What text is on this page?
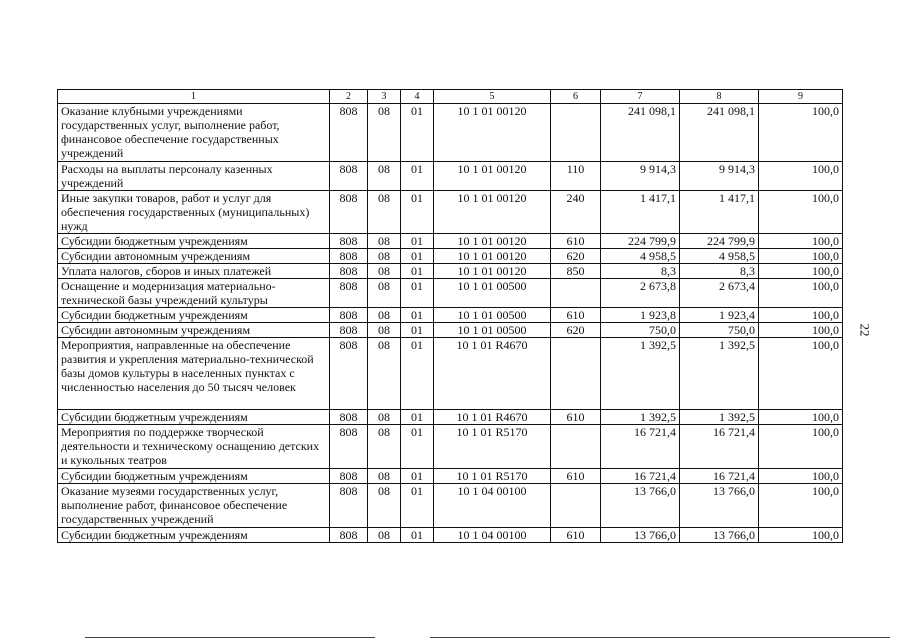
1	2	3	4	5	6	7	8	9
Оказание клубными учреждениями государственных услуг, выполнение работ, финансовое обеспечение государственных учреждений	808	08	01	10 1 01 00120		241 098,1	241 098,1	100,0
Расходы на выплаты персоналу казенных учреждений	808	08	01	10 1 01 00120	110	9 914,3	9 914,3	100,0
Иные закупки товаров, работ и услуг для обеспечения государственных (муниципальных) нужд	808	08	01	10 1 01 00120	240	1 417,1	1 417,1	100,0
Субсидии бюджетным учреждениям	808	08	01	10 1 01 00120	610	224 799,9	224 799,9	100,0
Субсидии автономным учреждениям	808	08	01	10 1 01 00120	620	4 958,5	4 958,5	100,0
Уплата налогов, сборов и иных платежей	808	08	01	10 1 01 00120	850	8,3	8,3	100,0
Оснащение и модернизация материально-технической базы учреждений культуры	808	08	01	10 1 01 00500		2 673,8	2 673,4	100,0
Субсидии бюджетным учреждениям	808	08	01	10 1 01 00500	610	1 923,8	1 923,4	100,0
Субсидии автономным учреждениям	808	08	01	10 1 01 00500	620	750,0	750,0	100,0
Мероприятия, направленные на обеспечение развития и укрепления материально-технической базы домов культуры в населенных пунктах с численностью населения до 50 тысяч человек	808	08	01	10 1 01 R4670		1 392,5	1 392,5	100,0
Субсидии бюджетным учреждениям	808	08	01	10 1 01 R4670	610	1 392,5	1 392,5	100,0
Мероприятия по поддержке творческой деятельности и техническому оснащению детских и кукольных театров	808	08	01	10 1 01 R5170		16 721,4	16 721,4	100,0
Субсидии бюджетным учреждениям	808	08	01	10 1 01 R5170	610	16 721,4	16 721,4	100,0
Оказание музеями государственных услуг, выполнение работ, финансовое обеспечение государственных учреждений	808	08	01	10 1 04 00100		13 766,0	13 766,0	100,0
Субсидии бюджетным учреждениям	808	08	01	10 1 04 00100	610	13 766,0	13 766,0	100,0
22
